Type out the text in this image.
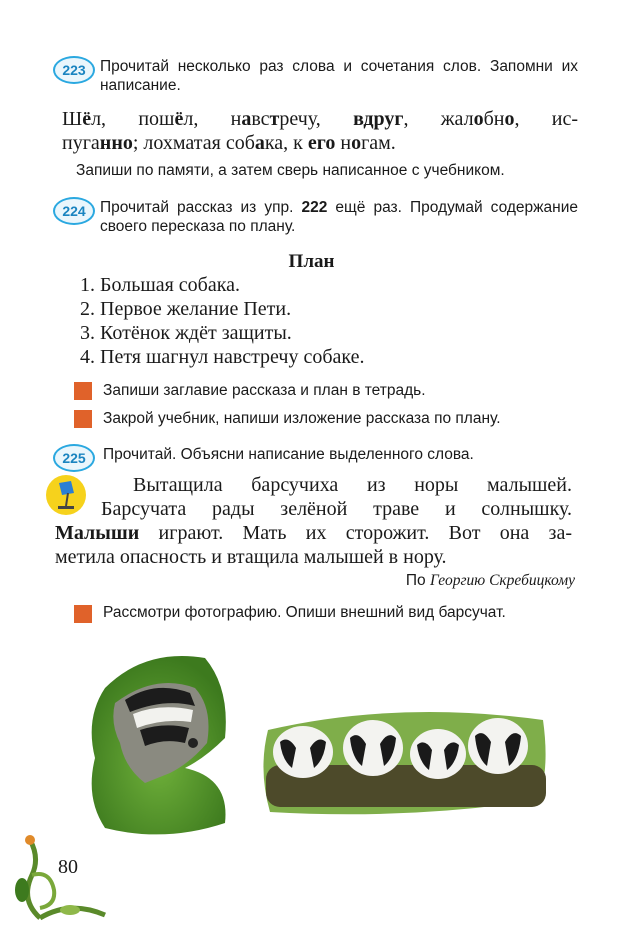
223 Прочитай несколько раз слова и сочетания слов. Запомни их написание.
Шёл, пошёл, навстречу, вдруг, жалобно, ис-
пуганно; лохматая собака, к его ногам.
Запиши по памяти, а затем сверь написанное с учебником.
224 Прочитай рассказ из упр. 222 ещё раз. Продумай содержание своего пересказа по плану.
План
1. Большая собака.
2. Первое желание Пети.
3. Котёнок ждёт защиты.
4. Петя шагнул навстречу собаке.
Запиши заглавие рассказа и план в тетрадь.
Закрой учебник, напиши изложение рассказа по плану.
225	Прочитай. Объясни написание выделенного слова.

Вытащила барсучиха из норы малышей.

Барсучата рады зелёной траве и солнышку.

Малыши играют. Мать их сторожит. Вот она за-

метила опасность и втащила малышей в нору.

По Георгию Скребицкому
Рассмотри фотографию. Опиши внешний вид барсучат.
80
